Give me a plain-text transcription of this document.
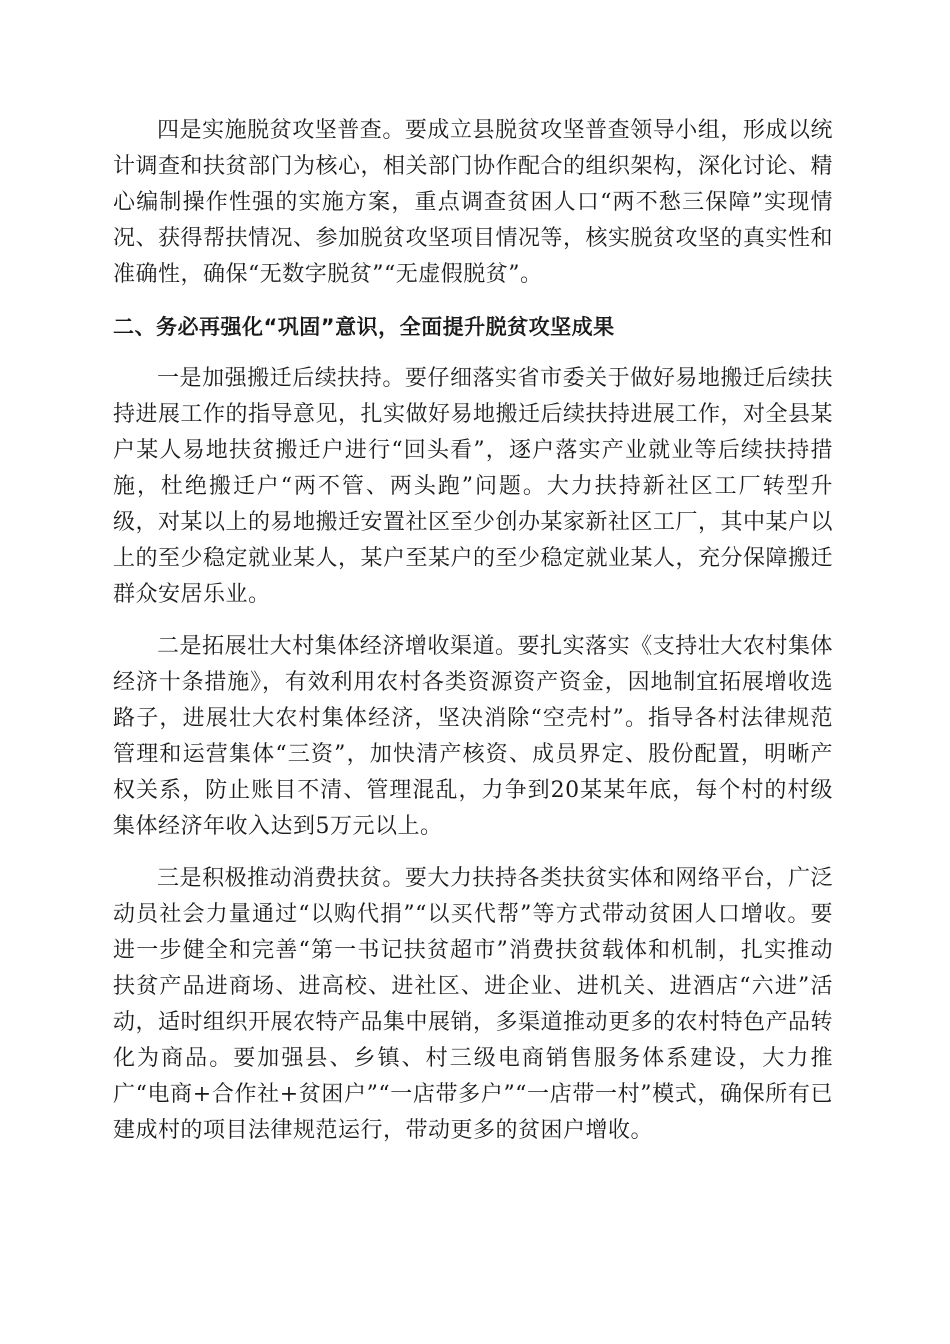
四是实施脱贫攻坚普查。要成立县脱贫攻坚普查领导小组，形成以统计调查和扶贫部门为核心，相关部门协作配合的组织架构，深化讨论、精心编制操作性强的实施方案，重点调查贫困人口“两不愁三保障”实现情况、获得帮扶情况、参加脱贫攻坚项目情况等，核实脱贫攻坚的真实性和准确性，确保“无数字脱贫”“无虚假脱贫”。

二、务必再强化“巩固”意识，全面提升脱贫攻坚成果

一是加强搬迁后续扶持。要仔细落实省市委关于做好易地搬迁后续扶持进展工作的指导意见，扎实做好易地搬迁后续扶持进展工作，对全县某户某人易地扶贫搬迁户进行“回头看”，逐户落实产业就业等后续扶持措施，杜绝搬迁户“两不管、两头跑”问题。大力扶持新社区工厂转型升级，对某以上的易地搬迁安置社区至少创办某家新社区工厂，其中某户以上的至少稳定就业某人，某户至某户的至少稳定就业某人，充分保障搬迁群众安居乐业。

二是拓展壮大村集体经济增收渠道。要扎实落实《支持壮大农村集体经济十条措施》，有效利用农村各类资源资产资金，因地制宜拓展增收选路子，进展壮大农村集体经济，坚决消除“空壳村”。指导各村法律规范管理和运营集体“三资”，加快清产核资、成员界定、股份配置，明晰产权关系，防止账目不清、管理混乱，力争到20某某年底，每个村的村级集体经济年收入达到5万元以上。

三是积极推动消费扶贫。要大力扶持各类扶贫实体和网络平台，广泛动员社会力量通过“以购代捐”“以买代帮”等方式带动贫困人口增收。要进一步健全和完善“第一书记扶贫超市”消费扶贫载体和机制，扎实推动扶贫产品进商场、进高校、进社区、进企业、进机关、进酒店“六进”活动，适时组织开展农特产品集中展销，多渠道推动更多的农村特色产品转化为商品。要加强县、乡镇、村三级电商销售服务体系建设，大力推广“电商+合作社+贫困户”“一店带多户”“一店带一村”模式，确保所有已建成村的项目法律规范运行，带动更多的贫困户增收。
